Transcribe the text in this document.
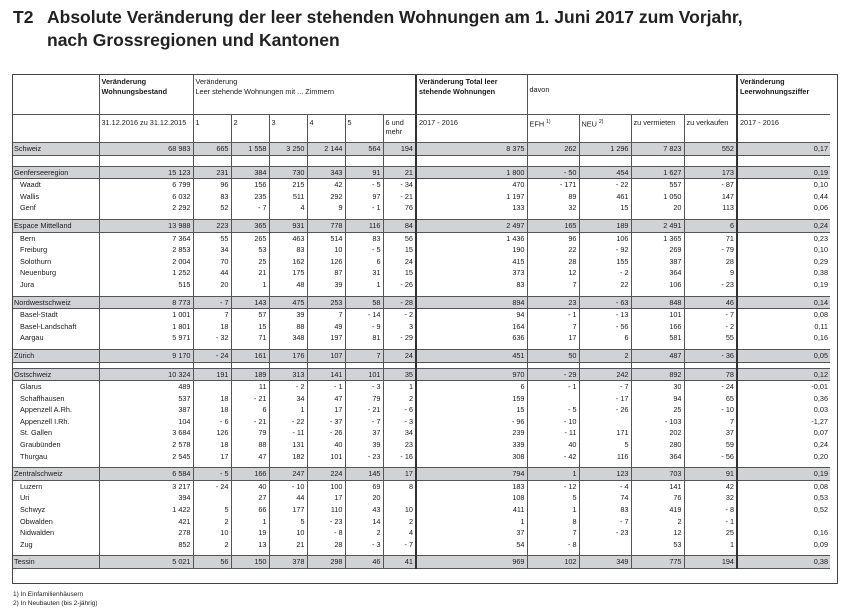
T2 Absolute Veränderung der leer stehenden Wohnungen am 1. Juni 2017 zum Vorjahr,
nach Grossregionen und Kantonen
	Veränderung Wohnungsbestand	Veränderung
Leer stehende Wohnungen mit ... Zimmern						Veränderung Total leer stehende Wohnungen	davon				Veränderung Leerwohnungsziffer
	31.12.2016 zu 31.12.2015	1	2	3	4	5	6 und mehr	2017 - 2016	EFH $^{1)}$	NEU $^{2)}$	zu vermieten	zu verkaufen	2017 - 2016
Schweiz	68 983	665	1 558	3 250	2 144	564	194	8 375	262	1 296	7 823	552	0,17

Genferseeregion	15 123	231	384	730	343	91	21	1 800	- 50	454	1 627	173	0,19
Waadt	6 799	96	156	215	42	- 5	- 34	470	- 171	- 22	557	- 87	0,10
Wallis	6 032	83	235	511	292	97	- 21	1 197	89	461	1 050	147	0,44
Genf	2 292	52	- 7	4	9	- 1	76	133	32	15	20	113	0,06

Espace Mittelland	13 988	223	365	931	778	116	84	2 497	165	189	2 491	6	0,24
Bern	7 364	55	265	463	514	83	56	1 436	96	106	1 365	71	0,23
Freiburg	2 853	34	53	83	10	- 5	15	190	22	- 92	269	- 79	0,10
Solothurn	2 004	70	25	162	126	6	24	415	28	155	387	28	0,29
Neuenburg	1 252	44	21	175	87	31	15	373	12	- 2	364	9	0,38
Jura	515	20	1	48	39	1	- 26	83	7	22	106	- 23	0,19

Nordwestschweiz	8 773	- 7	143	475	253	58	- 28	894	23	- 63	848	46	0,14
Basel-Stadt	1 001	7	57	39	7	- 14	- 2	94	- 1	- 13	101	- 7	0,08
Basel-Landschaft	1 801	18	15	88	49	- 9	3	164	7	- 56	166	- 2	0,11
Aargau	5 971	- 32	71	348	197	81	- 29	636	17	6	581	55	0,16

Zürich	9 170	- 24	161	176	107	7	24	451	50	2	487	- 36	0,05

Ostschweiz	10 324	191	189	313	141	101	35	970	- 29	242	892	78	0,12
Glarus	489		11	- 2	- 1	- 3	1	6	- 1	- 7	30	- 24	-0,01
Schaffhausen	537	18	- 21	34	47	79	2	159		- 17	94	65	0,36
Appenzell A.Rh.	387	18	6	1	17	- 21	- 6	15	- 5	- 26	25	- 10	0,03
Appenzell I.Rh.	104	- 6	- 21	- 22	- 37	- 7	- 3	- 96	- 10		- 103	7	-1,27
St. Gallen	3 684	126	79	- 11	- 26	37	34	239	- 11	171	202	37	0,07
Graubünden	2 578	18	88	131	40	39	23	339	40	5	280	59	0,24
Thurgau	2 545	17	47	182	101	- 23	- 16	308	- 42	116	364	- 56	0,20

Zentralschweiz	6 584	- 5	166	247	224	145	17	794	1	123	703	91	0,19
Luzern	3 217	- 24	40	- 10	100	69	8	183	- 12	- 4	141	42	0,08
Uri	394		27	44	17	20		108	5	74	76	32	0,53
Schwyz	1 422	5	66	177	110	43	10	411	1	83	419	- 8	0,52
Obwalden	421	2	1	5	- 23	14	2	1	8	- 7	2	- 1	
Nidwalden	278	10	19	10	- 8	2	4	37	7	- 23	12	25	0,16
Zug	852	2	13	21	28	- 3	- 7	54	- 8		53	1	0,09

Tessin	5 021	56	150	378	298	46	41	969	102	349	775	194	0,38
1) In Einfamilienhäusern
2) In Neubauten (bis 2-jährig)
